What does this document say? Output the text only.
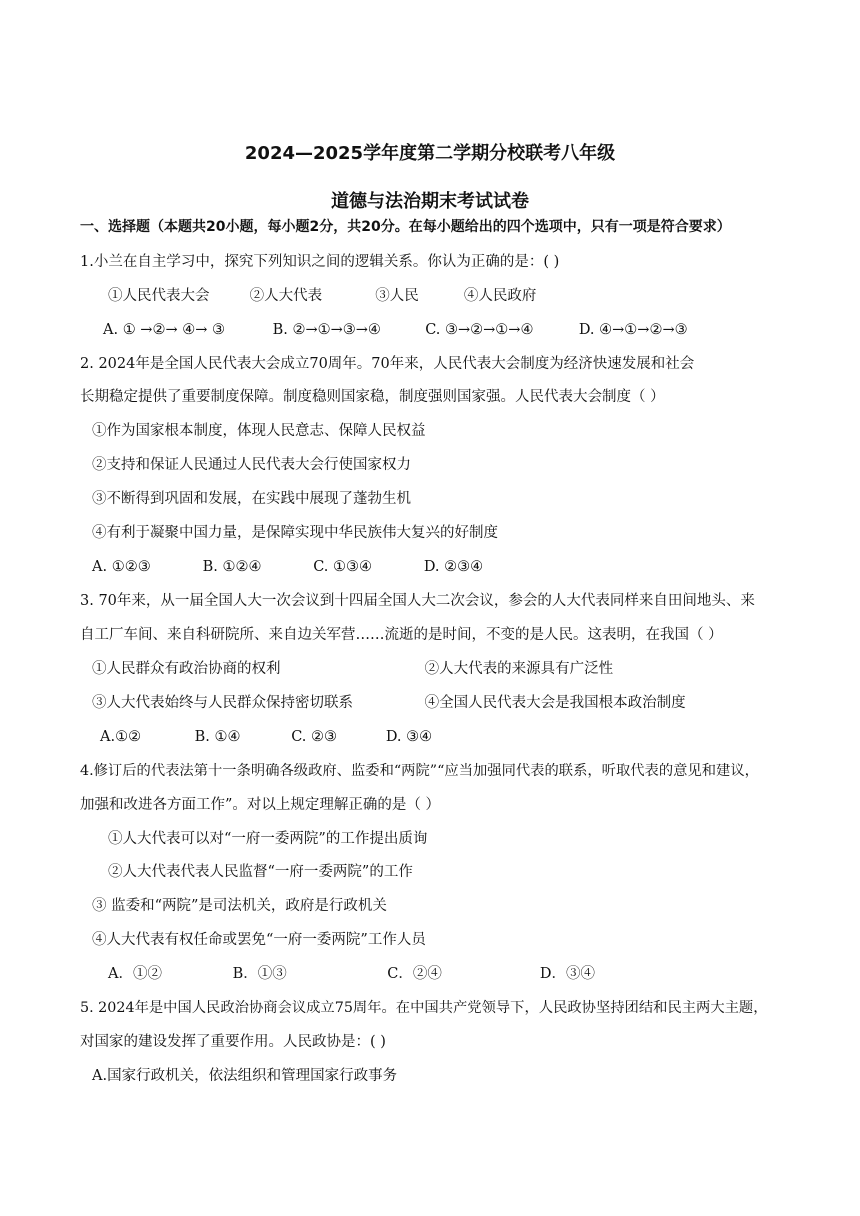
2024—2025学年度第二学期分校联考八年级
道德与法治期末考试试卷
一、选择题（本题共20小题，每小题2分，共20分。在每小题给出的四个选项中，只有一项是符合要求）
1.小兰在自主学习中，探究下列知识之间的逻辑关系。你认为正确的是：( )
①人民代表大会	②人大代表	③人民	④人民政府
A. ① →②→ ④→ ③	B. ②→①→③→④	C. ③→②→①→④	D. ④→①→②→③
2. 2024年是全国人民代表大会成立70周年。70年来，人民代表大会制度为经济快速发展和社会
长期稳定提供了重要制度保障。制度稳则国家稳，制度强则国家强。人民代表大会制度（ ）
①作为国家根本制度，体现人民意志、保障人民权益
②支持和保证人民通过人民代表大会行使国家权力
③不断得到巩固和发展，在实践中展现了蓬勃生机
④有利于凝聚中国力量，是保障实现中华民族伟大复兴的好制度
A. ①②③	B. ①②④	C. ①③④	D. ②③④
3. 70年来，从一届全国人大一次会议到十四届全国人大二次会议，参会的人大代表同样来自田间地头、来
自工厂车间、来自科研院所、来自边关军营……流逝的是时间，不变的是人民。这表明，在我国（ ）
①人民群众有政治协商的权利	②人大代表的来源具有广泛性
③人大代表始终与人民群众保持密切联系	④全国人民代表大会是我国根本政治制度
A.①②	B. ①④	C. ②③	D. ③④
4.修订后的代表法第十一条明确各级政府、监委和“两院”“应当加强同代表的联系，听取代表的意见和建议，
加强和改进各方面工作”。对以上规定理解正确的是（ ）
①人大代表可以对“一府一委两院”的工作提出质询
②人大代表代表人民监督“一府一委两院”的工作
③ 监委和“两院”是司法机关，政府是行政机关
④人大代表有权任命或罢免“一府一委两院”工作人员
A．①②	B．①③	C．②④	D．③④
5. 2024年是中国人民政治协商会议成立75周年。在中国共产党领导下，人民政协坚持团结和民主两大主题，
对国家的建设发挥了重要作用。人民政协是：( )
A.国家行政机关，依法组织和管理国家行政事务
